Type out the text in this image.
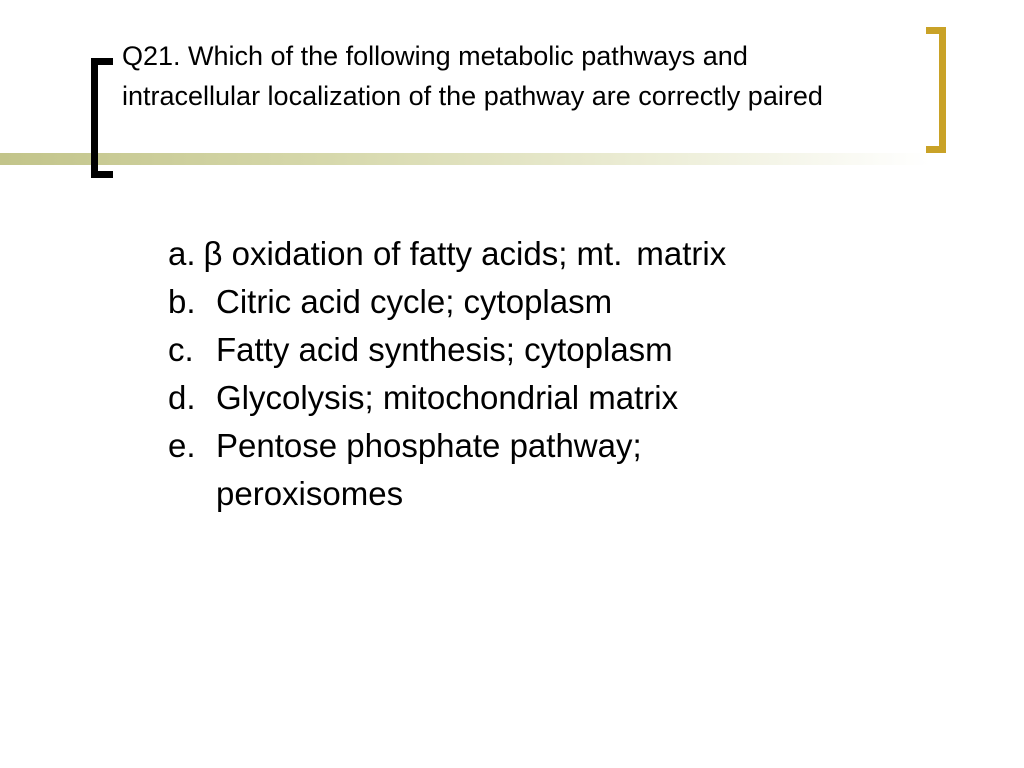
Q21. Which of the following metabolic pathways and intracellular localization of the pathway are correctly paired
a. β oxidation of fatty acids; mt. matrix
b. Citric acid cycle; cytoplasm
c. Fatty acid synthesis; cytoplasm
d. Glycolysis; mitochondrial matrix
e. Pentose phosphate pathway;
peroxisomes
